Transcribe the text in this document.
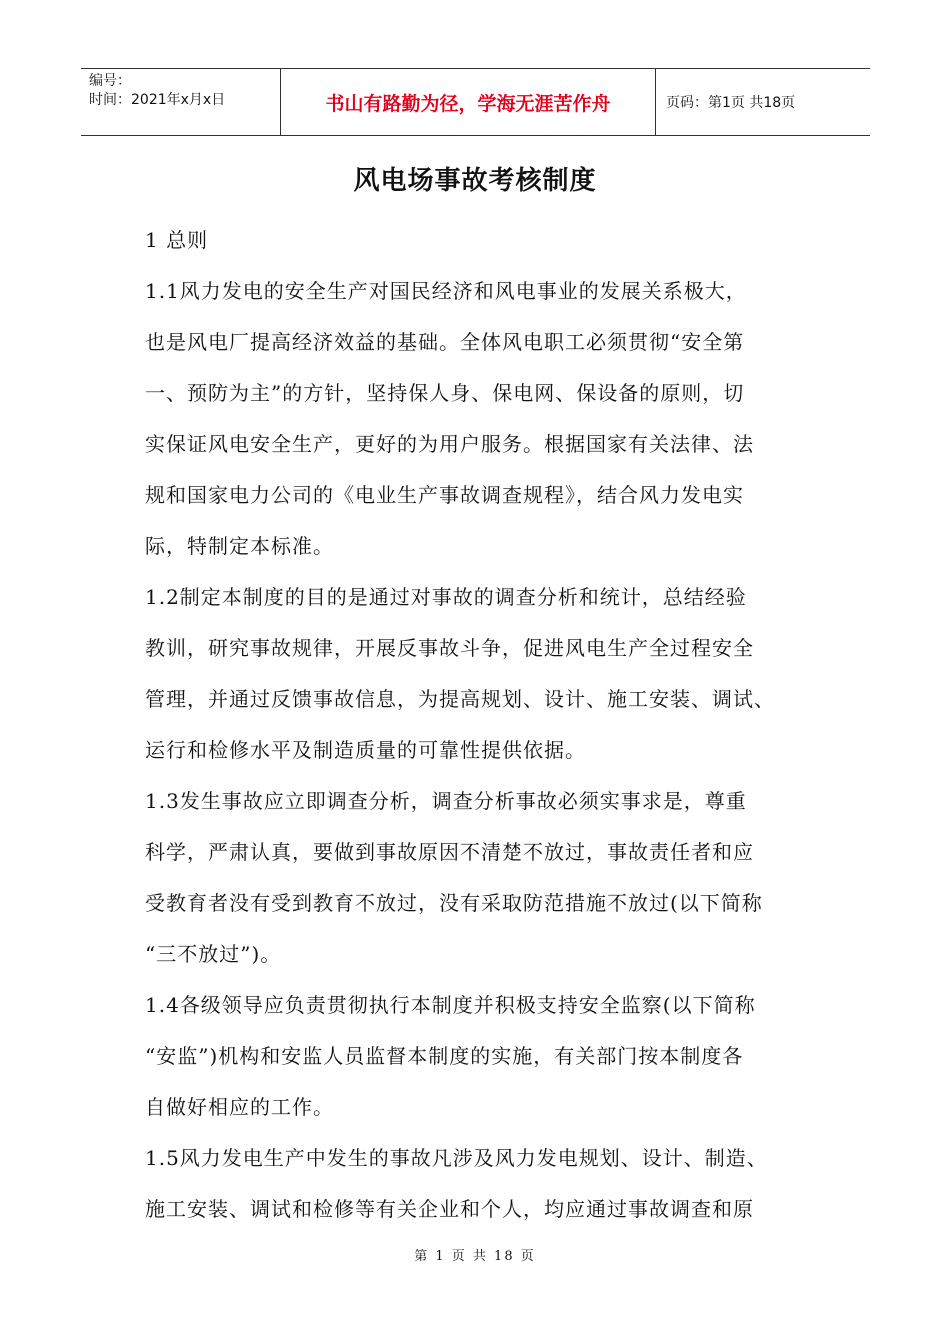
编号：
时间：2021年x月x日	书山有路勤为径，学海无涯苦作舟	页码：第1页 共18页
风电场事故考核制度
1 总则
1.1风力发电的安全生产对国民经济和风电事业的发展关系极大，
也是风电厂提高经济效益的基础。全体风电职工必须贯彻“安全第
一、预防为主”的方针，坚持保人身、保电网、保设备的原则，切
实保证风电安全生产，更好的为用户服务。根据国家有关法律、法
规和国家电力公司的《电业生产事故调查规程》，结合风力发电实
际，特制定本标准。
1.2制定本制度的目的是通过对事故的调查分析和统计，总结经验
教训，研究事故规律，开展反事故斗争，促进风电生产全过程安全
管理，并通过反馈事故信息，为提高规划、设计、施工安装、调试、
运行和检修水平及制造质量的可靠性提供依据。
1.3发生事故应立即调查分析，调查分析事故必须实事求是，尊重
科学，严肃认真，要做到事故原因不清楚不放过，事故责任者和应
受教育者没有受到教育不放过，没有采取防范措施不放过(以下简称
“三不放过”)。
1.4各级领导应负责贯彻执行本制度并积极支持安全监察(以下简称
“安监”)机构和安监人员监督本制度的实施，有关部门按本制度各
自做好相应的工作。
1.5风力发电生产中发生的事故凡涉及风力发电规划、设计、制造、
施工安装、调试和检修等有关企业和个人，均应通过事故调查和原
第 1 页 共 18 页
